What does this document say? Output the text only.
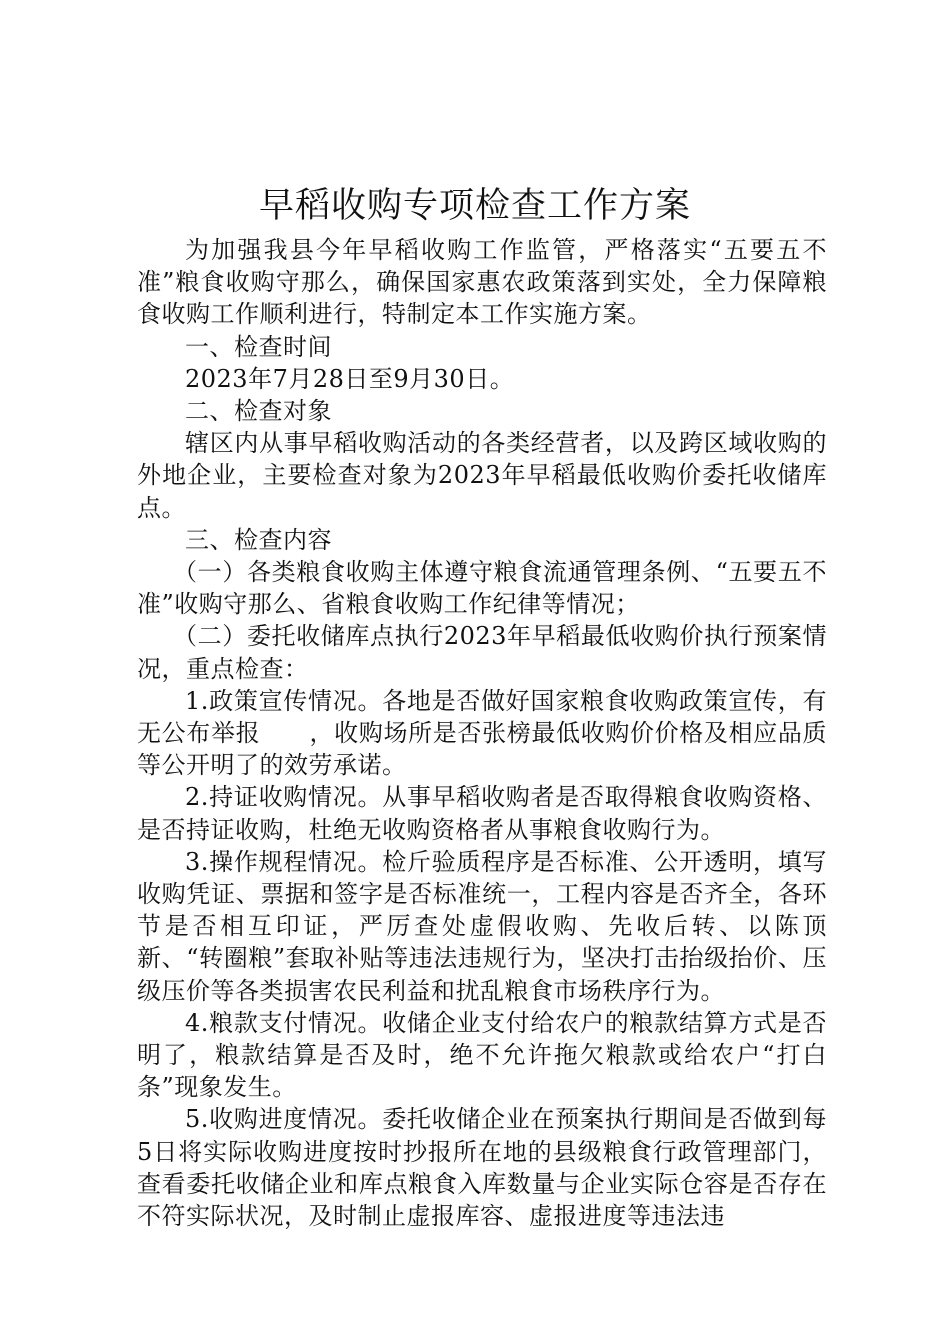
早稻收购专项检查工作方案

为加强我县今年早稻收购工作监管，严格落实“五要五不准”粮食收购守那么，确保国家惠农政策落到实处，全力保障粮食收购工作顺利进行，特制定本工作实施方案。

一、检查时间

2023年7月28日至9月30日。

二、检查对象

辖区内从事早稻收购活动的各类经营者，以及跨区域收购的外地企业，主要检查对象为2023年早稻最低收购价委托收储库点。

三、检查内容

（一）各类粮食收购主体遵守粮食流通管理条例、“五要五不准”收购守那么、省粮食收购工作纪律等情况；

（二）委托收储库点执行2023年早稻最低收购价执行预案情况，重点检查：

1.政策宣传情况。各地是否做好国家粮食收购政策宣传，有无公布举报　　，收购场所是否张榜最低收购价价格及相应品质等公开明了的效劳承诺。

2.持证收购情况。从事早稻收购者是否取得粮食收购资格、是否持证收购，杜绝无收购资格者从事粮食收购行为。

3.操作规程情况。检斤验质程序是否标准、公开透明，填写收购凭证、票据和签字是否标准统一，工程内容是否齐全，各环节是否相互印证，严厉查处虚假收购、先收后转、以陈顶新、“转圈粮”套取补贴等违法违规行为，坚决打击抬级抬价、压级压价等各类损害农民利益和扰乱粮食市场秩序行为。

4.粮款支付情况。收储企业支付给农户的粮款结算方式是否明了，粮款结算是否及时，绝不允许拖欠粮款或给农户“打白条”现象发生。

5.收购进度情况。委托收储企业在预案执行期间是否做到每5日将实际收购进度按时抄报所在地的县级粮食行政管理部门，查看委托收储企业和库点粮食入库数量与企业实际仓容是否存在不符实际状况，及时制止虚报库容、虚报进度等违法违
